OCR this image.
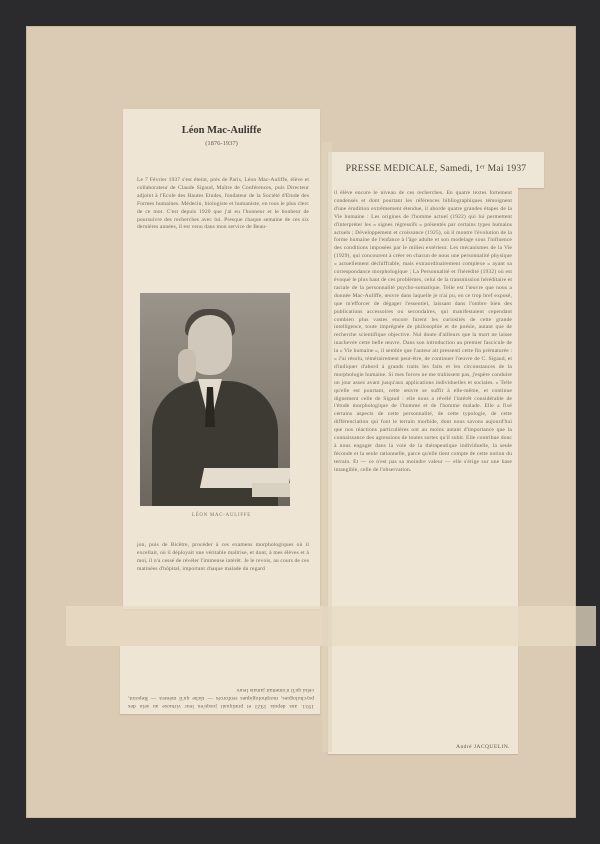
Léon Mac-Auliffe
(1876-1937)
Le 7 Février 1937 s'est éteint, près de Paris, Léon Mac-Auliffe, élève et collaborateur de Claude Sigaud, Maître de Conférences, puis Directeur adjoint à l'Ecole des Hautes Etudes, fondateur de la Société d'Etude des Formes humaines. Médecin, biologiste et humaniste, en tous le plus clerc de ce mot. C'est depuis 1920 que j'ai eu l'honneur et le bonheur de poursuivre des recherches avec lui. Presque chaque semaine de ces six dernières années, il est venu dans mon service de Beau-
LÉON MAC-AULIFFE
jon, puis de Bicêtre, procéder à ces examens morphologiques où il excellait, où il déployait une véritable maîtrise, et dont, à mes élèves et à moi, il n'a cessé de révéler l'immense intérêt. Je le revois, au cours de ces matinées d'hôpital, important chaque malade du regard
1931. ans depuis 1923 et pratiquait jusqu'en leur virtuose au sein des psychologues, morphologiques renforcés — tâche qu'il mènera — Repoint, celui qu'il n'omettait jamais leurs
PRESSE MEDICALE, Samedi, 1ᵉʳ Mai 1937
il élève encore le niveau de ces recherches. En quatre textes fortement condensés et dont pourtant les références bibliographiques témoignent d'une érudition extrêmement étendue, il aborde quatre grandes étapes de la Vie humaine : Les origines de l'homme actuel (1922) qui lui permettent d'interpréter les « signes régressifs » présentés par certains types humains actuels ; Développement et croissance (1925), où il montre l'évolution de la forme humaine de l'enfance à l'âge adulte et son modelage sous l'influence des conditions imposées par le milieu extérieur. Les mécanismes de la Vie (1929), qui concourent à créer en chacun de nous une personnalité physique « actuellement déchiffrable, mais extraordinairement complexe » ayant sa correspondance morphologique ; La Personnalité et l'hérédité (1932) où est évoqué le plus haut de ces problèmes, celui de la transmission héréditaire et raciale de la personnalité psycho-somatique. Telle est l'œuvre que nous a donnée Mac-Auliffe, œuvre dans laquelle je n'ai pu, en ce trop bref exposé, que m'efforcer de dégager l'essentiel, laissant dans l'ombre bien des publications accessoires ou secondaires, qui manifestaient cependant combien plus vastes encore furent les curiosités de cette grande intelligence, toute imprégnée de philosophie et de poésie, autant que de recherche scientifique objective. Nul doute d'ailleurs que la mort ne laisse inachevée cette belle œuvre. Dans son introduction au premier fascicule de la « Vie humaine », il semble que l'auteur ait pressenti cette fin prématurée : « J'ai résolu, témérairement peut-être, de continuer l'œuvre de C. Sigaud, et d'indiquer d'abord à grands traits les faits et les circonstances de la morphologie humaine. Si mes forces ne me trahissent pas, j'espère conduire un jour assez avant jusqu'aux applications individuelles et sociales. » Telle qu'elle est pourtant, cette œuvre se suffit à elle-même, et continue dignement celle de Sigaud : elle nous a révélé l'intérêt considérable de l'étude morphologique de l'homme et de l'homme malade. Elle a fixé certains aspects de cette personnalité, de cette typologie, de cette différenciation qui font le terrain morbide, dont nous savons aujourd'hui que nos réactions particulières ont au moins autant d'importance que la connaissance des agressions de toutes sortes qu'il subit. Elle contribue donc à nous engager dans la voie de la thérapeutique individuelle, la seule féconde et la seule rationnelle, parce qu'elle tient compte de cette notion du terrain. Et — ce n'est pas sa moindre valeur — elle s'érige sur une base intangible, celle de l'observation.
André JACQUELIN.
